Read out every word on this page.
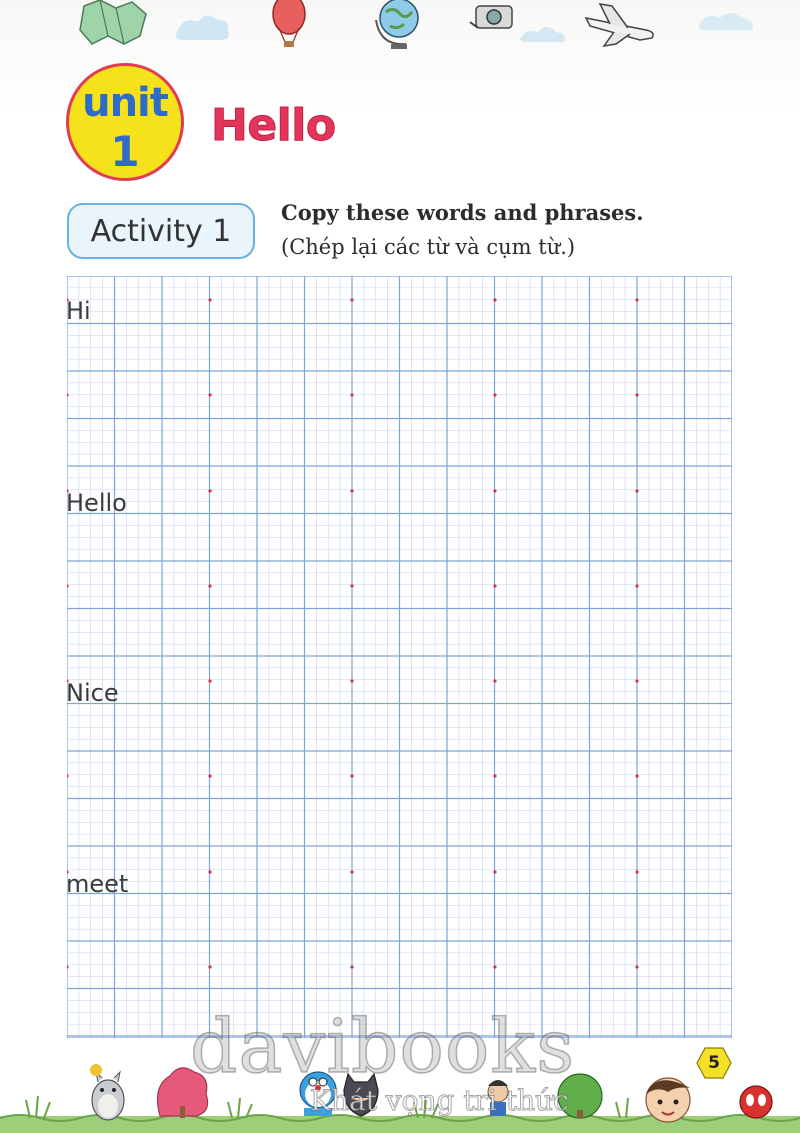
unit
1
Hello
Activity 1
Copy these words and phrases.
(Chép lại các từ và cụm từ.)
Hi
Hello
Nice
meet
davibooks
Khát vọng tri thức
5
